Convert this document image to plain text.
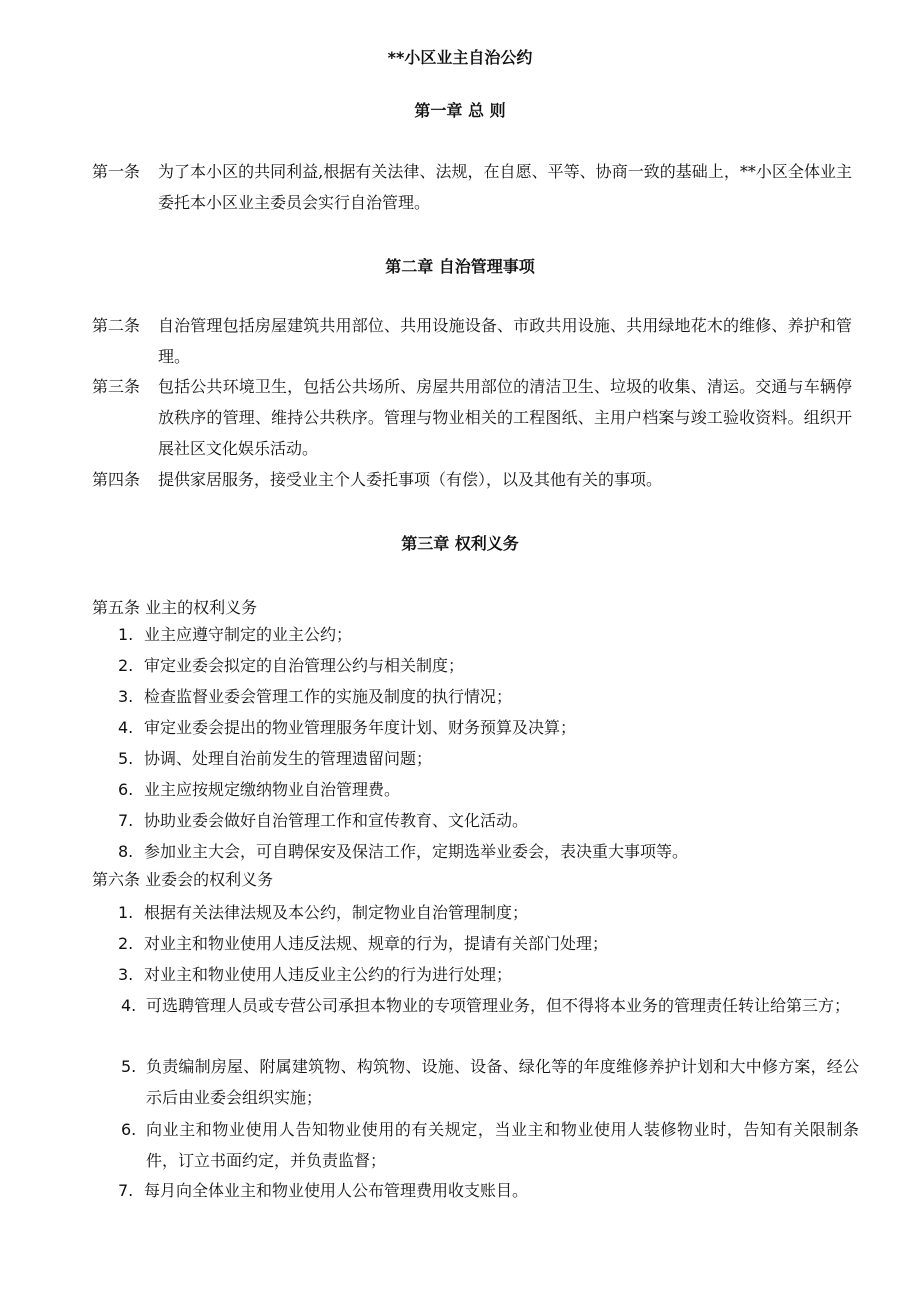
**小区业主自治公约
第一章 总 则

第一条 为了本小区的共同利益,根据有关法律、法规，在自愿、平等、协商一致的基础上，**小区全体业主委托本小区业主委员会实行自治管理。

第二章 自治管理事项

第二条 自治管理包括房屋建筑共用部位、共用设施设备、市政共用设施、共用绿地花木的维修、养护和管理。

第三条 包括公共环境卫生，包括公共场所、房屋共用部位的清洁卫生、垃圾的收集、清运。交通与车辆停放秩序的管理、维持公共秩序。管理与物业相关的工程图纸、主用户档案与竣工验收资料。组织开展社区文化娱乐活动。

第四条 提供家居服务，接受业主个人委托事项（有偿），以及其他有关的事项。

第三章 权利义务
第五条 业主的权利义务
1. 业主应遵守制定的业主公约；
2. 审定业委会拟定的自治管理公约与相关制度；
3. 检查监督业委会管理工作的实施及制度的执行情况；
4. 审定业委会提出的物业管理服务年度计划、财务预算及决算；
5. 协调、处理自治前发生的管理遗留问题；
6. 业主应按规定缴纳物业自治管理费。
7. 协助业委会做好自治管理工作和宣传教育、文化活动。
8. 参加业主大会，可自聘保安及保洁工作，定期选举业委会，表决重大事项等。
第六条 业委会的权利义务
1. 根据有关法律法规及本公约，制定物业自治管理制度；
2. 对业主和物业使用人违反法规、规章的行为，提请有关部门处理；
3. 对业主和物业使用人违反业主公约的行为进行处理；
4. 可选聘管理人员或专营公司承担本物业的专项管理业务，但不得将本业务的管理责任转让给第三方；
5. 负责编制房屋、附属建筑物、构筑物、设施、设备、绿化等的年度维修养护计划和大中修方案，经公示后由业委会组织实施；
6. 向业主和物业使用人告知物业使用的有关规定，当业主和物业使用人装修物业时，告知有关限制条件，订立书面约定，并负责监督；
7. 每月向全体业主和物业使用人公布管理费用收支账目。
